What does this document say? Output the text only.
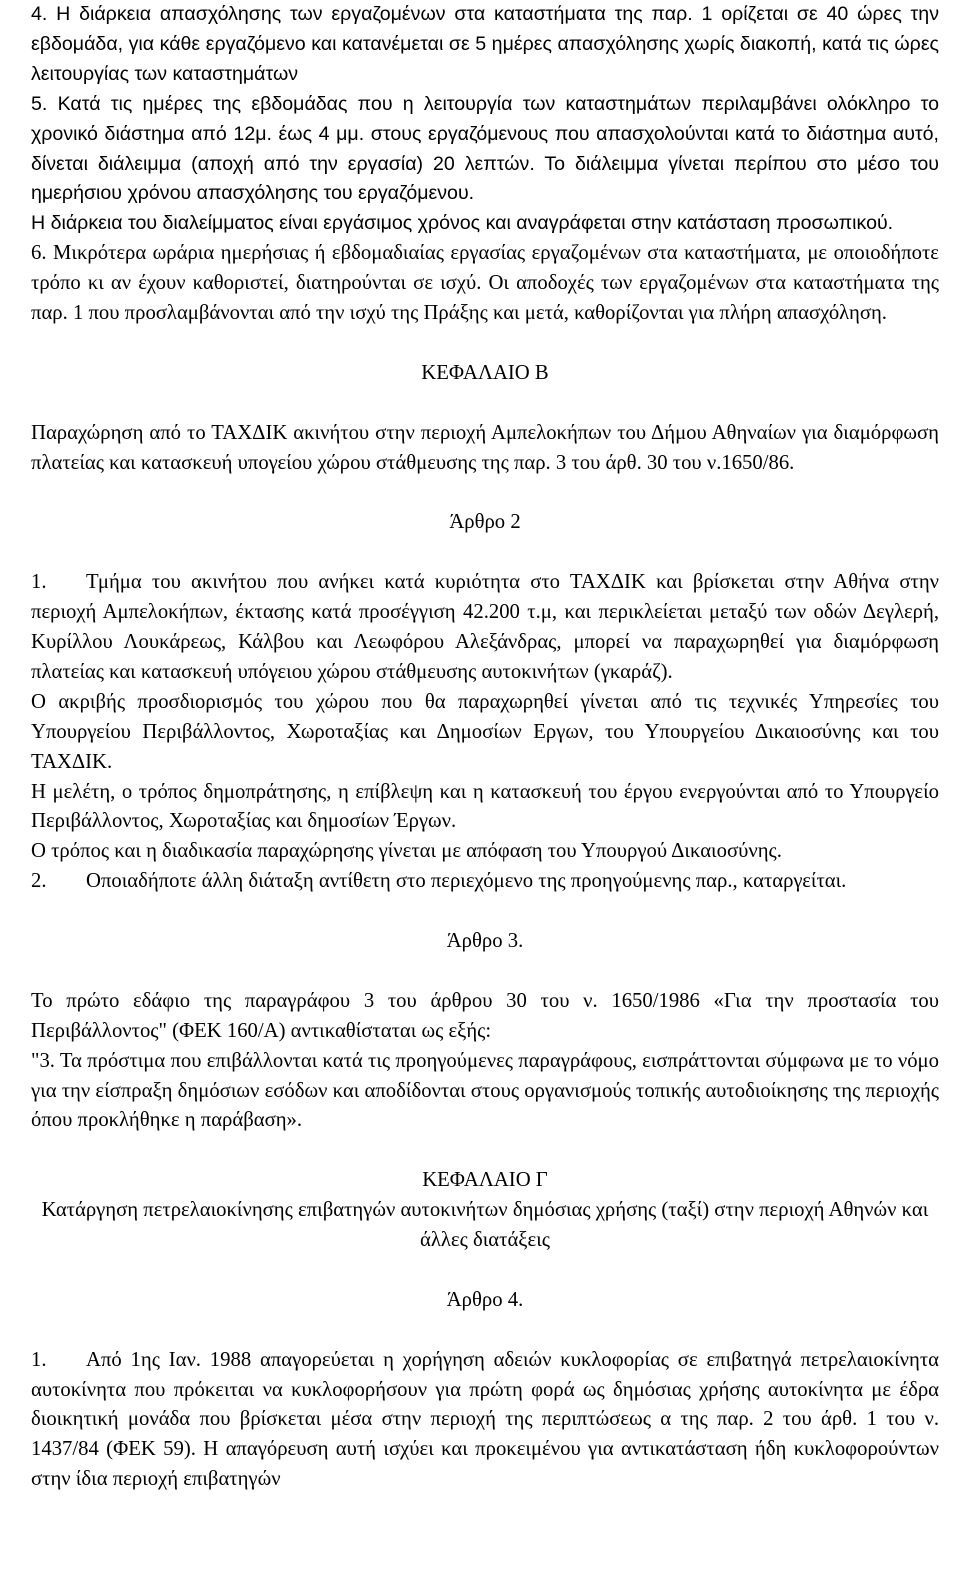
4. Η διάρκεια απασχόλησης των εργαζομένων στα καταστήματα της παρ. 1 ορίζεται σε 40 ώρες την εβδομάδα, για κάθε εργαζόμενο και κατανέμεται σε 5 ημέρες απασχόλησης χωρίς διακοπή, κατά τις ώρες λειτουργίας των καταστημάτων

5. Κατά τις ημέρες της εβδομάδας που η λειτουργία των καταστημάτων περιλαμβάνει ολόκληρο το χρονικό διάστημα από 12μ. έως 4 μμ. στους εργαζόμενους που απασχολούνται κατά το διάστημα αυτό, δίνεται διάλειμμα (αποχή από την εργασία) 20 λεπτών. Το διάλειμμα γίνεται περίπου στο μέσο του ημερήσιου χρόνου απασχόλησης του εργαζόμενου.

Η διάρκεια του διαλείμματος είναι εργάσιμος χρόνος και αναγράφεται στην κατάσταση προσωπικού.

6. Μικρότερα ωράρια ημερήσιας ή εβδομαδιαίας εργασίας εργαζομένων στα καταστήματα, με οποιοδήποτε τρόπο κι αν έχουν καθοριστεί, διατηρούνται σε ισχύ. Οι αποδοχές των εργαζομένων στα καταστήματα της παρ. 1 που προσλαμβάνονται από την ισχύ της Πράξης και μετά, καθορίζονται για πλήρη απασχόληση.

ΚΕΦΑΛΑΙΟ Β

Παραχώρηση από το ΤΑΧΔΙΚ ακινήτου στην περιοχή Αμπελοκήπων του Δήμου Αθηναίων για διαμόρφωση πλατείας και κατασκευή υπογείου χώρου στάθμευσης της παρ. 3 του άρθ. 30 του ν.1650/86.

Άρθρο 2

1. Τμήμα του ακινήτου που ανήκει κατά κυριότητα στο ΤΑΧΔΙΚ και βρίσκεται στην Αθήνα στην περιοχή Αμπελοκήπων, έκτασης κατά προσέγγιση 42.200 τ.μ, και περικλείεται μεταξύ των οδών Δεγλερή, Κυρίλλου Λουκάρεως, Κάλβου και Λεωφόρου Αλεξάνδρας, μπορεί να παραχωρηθεί για διαμόρφωση πλατείας και κατασκευή υπόγειου χώρου στάθμευσης αυτοκινήτων (γκαράζ).

Ο ακριβής προσδιορισμός του χώρου που θα παραχωρηθεί γίνεται από τις τεχνικές Υπηρεσίες του Υπουργείου Περιβάλλοντος, Χωροταξίας και Δημοσίων Εργων, του Υπουργείου Δικαιοσύνης και του ΤΑΧΔΙΚ.

Η μελέτη, ο τρόπος δημοπράτησης, η επίβλεψη και η κατασκευή του έργου ενεργούνται από το Υπουργείο Περιβάλλοντος, Χωροταξίας και δημοσίων Έργων.

Ο τρόπος και η διαδικασία παραχώρησης γίνεται με απόφαση του Υπουργού Δικαιοσύνης.

2. Οποιαδήποτε άλλη διάταξη αντίθετη στο περιεχόμενο της προηγούμενης παρ., καταργείται.

Άρθρο 3.

Το πρώτο εδάφιο της παραγράφου 3 του άρθρου 30 του ν. 1650/1986 «Για την προστασία του Περιβάλλοντος" (ΦΕΚ 160/Α) αντικαθίσταται ως εξής:

"3. Τα πρόστιμα που επιβάλλονται κατά τις προηγούμενες παραγράφους, εισπράττονται σύμφωνα με το νόμο για την είσπραξη δημόσιων εσόδων και αποδίδονται στους οργανισμούς τοπικής αυτοδιοίκησης της περιοχής όπου προκλήθηκε η παράβαση».

ΚΕΦΑΛΑΙΟ Γ

Κατάργηση πετρελαιοκίνησης επιβατηγών αυτοκινήτων δημόσιας χρήσης (ταξί) στην περιοχή Αθηνών και άλλες διατάξεις

Άρθρο 4.

1. Από 1ης Ιαν. 1988 απαγορεύεται η χορήγηση αδειών κυκλοφορίας σε επιβατηγά πετρελαιοκίνητα αυτοκίνητα που πρόκειται να κυκλοφορήσουν για πρώτη φορά ως δημόσιας χρήσης αυτοκίνητα με έδρα διοικητική μονάδα που βρίσκεται μέσα στην περιοχή της περιπτώσεως α της παρ. 2 του άρθ. 1 του ν. 1437/84 (ΦΕΚ 59). Η απαγόρευση αυτή ισχύει και προκειμένου για αντικατάσταση ήδη κυκλοφορούντων στην ίδια περιοχή επιβατηγών
